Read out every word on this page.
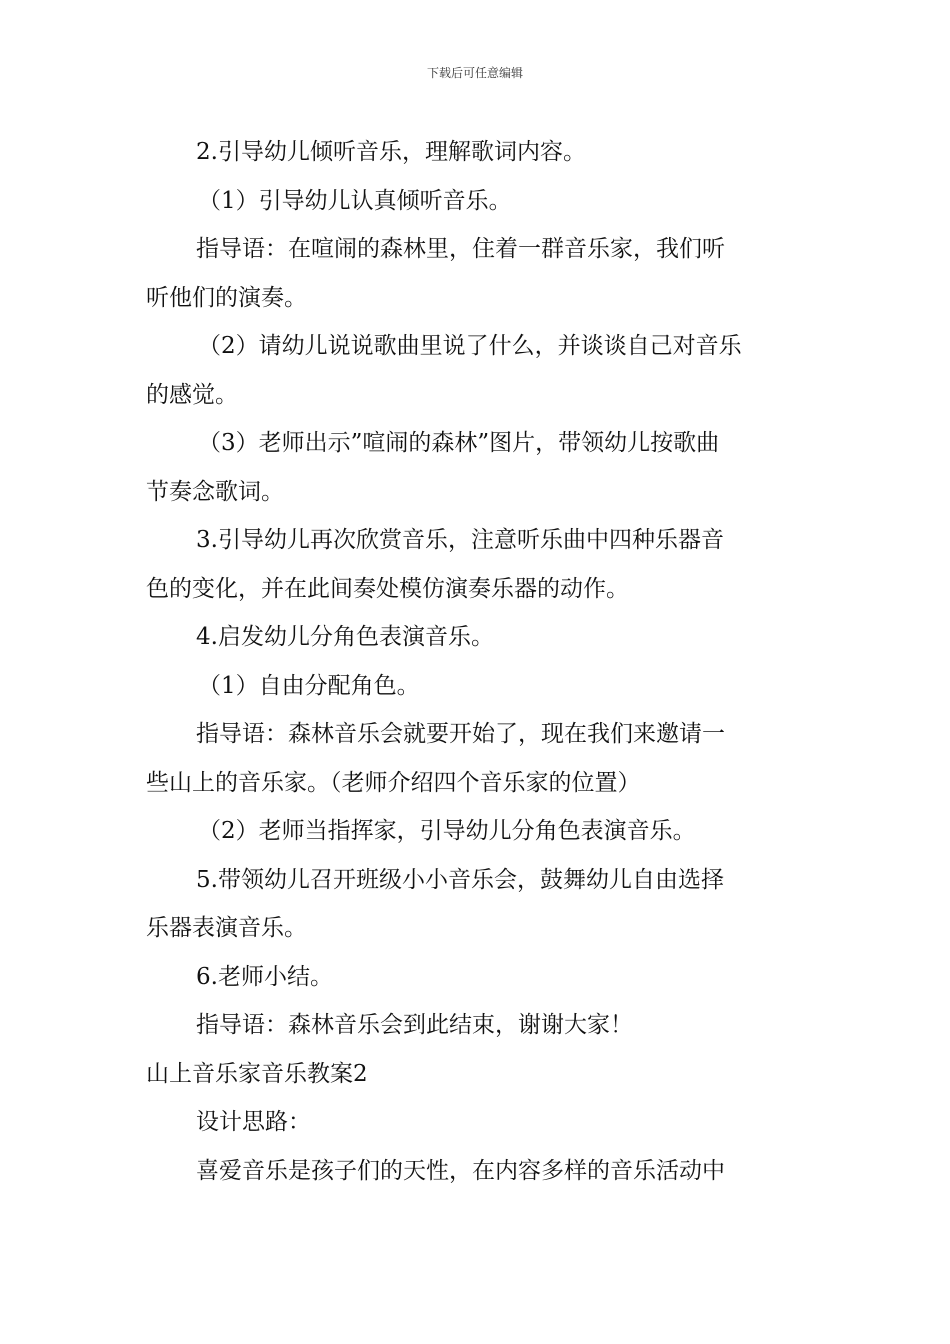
下载后可任意编辑

2.引导幼儿倾听音乐，理解歌词内容。

（1）引导幼儿认真倾听音乐。

指导语：在喧闹的森林里，住着一群音乐家，我们听

听他们的演奏。

（2）请幼儿说说歌曲里说了什么，并谈谈自己对音乐

的感觉。

（3）老师出示”喧闹的森林”图片，带领幼儿按歌曲

节奏念歌词。

3.引导幼儿再次欣赏音乐，注意听乐曲中四种乐器音

色的变化，并在此间奏处模仿演奏乐器的动作。

4.启发幼儿分角色表演音乐。

（1）自由分配角色。

指导语：森林音乐会就要开始了，现在我们来邀请一

些山上的音乐家。（老师介绍四个音乐家的位置）

（2）老师当指挥家，引导幼儿分角色表演音乐。

5.带领幼儿召开班级小小音乐会，鼓舞幼儿自由选择

乐器表演音乐。

6.老师小结。

指导语：森林音乐会到此结束，谢谢大家！

山上音乐家音乐教案2

设计思路：

喜爱音乐是孩子们的天性，在内容多样的音乐活动中
